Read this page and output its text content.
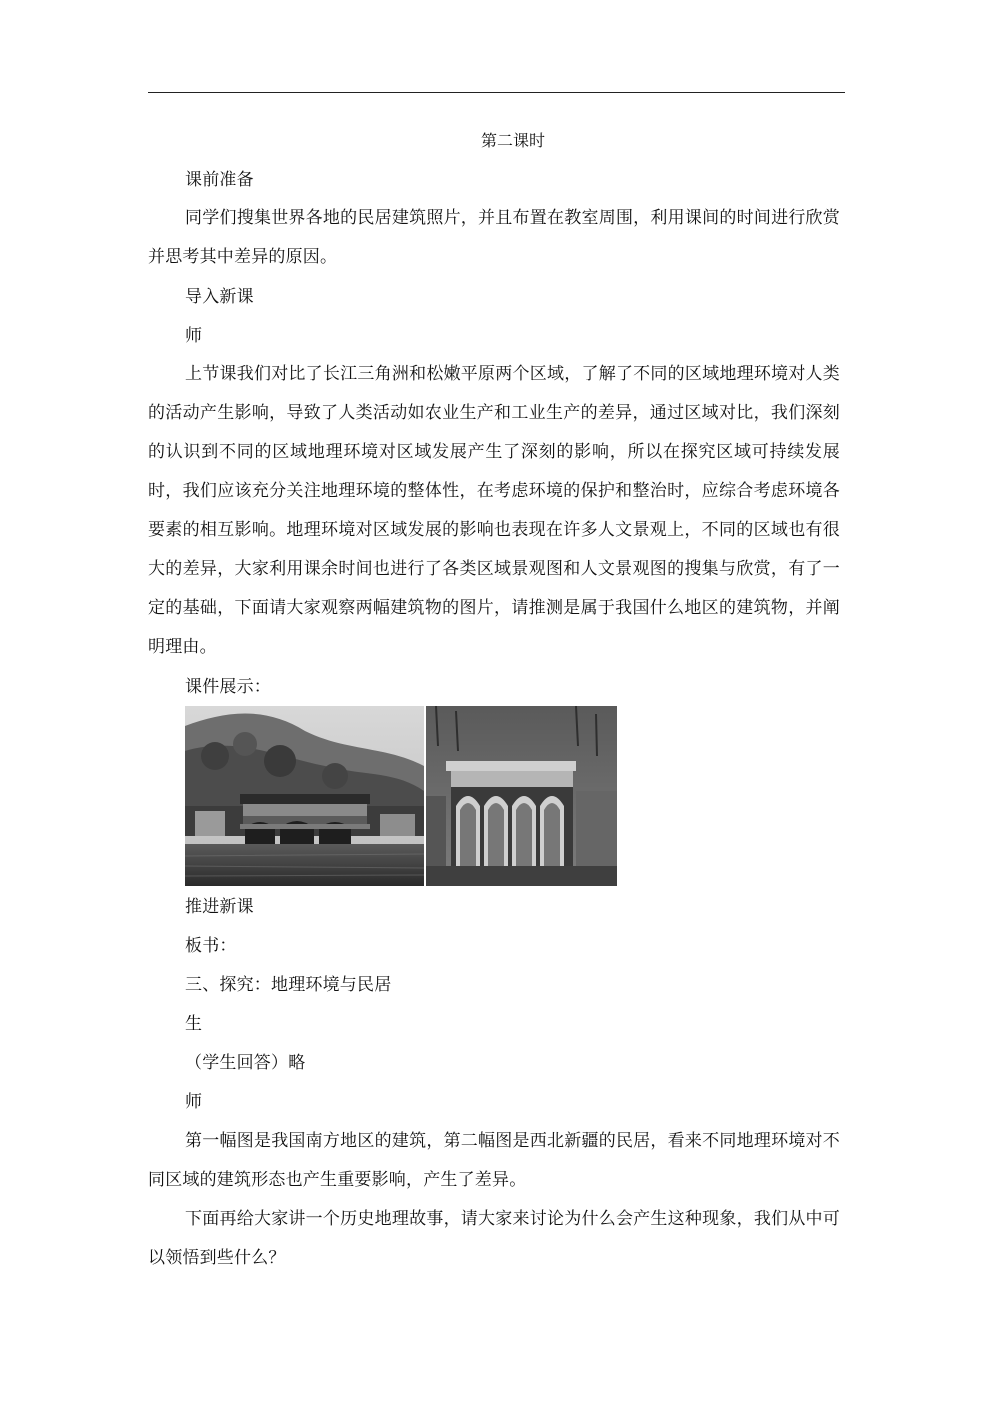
第二课时

课前准备

同学们搜集世界各地的民居建筑照片，并且布置在教室周围，利用课间的时间进行欣赏并思考其中差异的原因。

导入新课

师

上节课我们对比了长江三角洲和松嫩平原两个区域，了解了不同的区域地理环境对人类的活动产生影响，导致了人类活动如农业生产和工业生产的差异，通过区域对比，我们深刻的认识到不同的区域地理环境对区域发展产生了深刻的影响，所以在探究区域可持续发展时，我们应该充分关注地理环境的整体性，在考虑环境的保护和整治时，应综合考虑环境各要素的相互影响。地理环境对区域发展的影响也表现在许多人文景观上，不同的区域也有很大的差异，大家利用课余时间也进行了各类区域景观图和人文景观图的搜集与欣赏，有了一定的基础，下面请大家观察两幅建筑物的图片，请推测是属于我国什么地区的建筑物，并阐明理由。

课件展示：

推进新课

板书：

三、探究：地理环境与民居

生

（学生回答）略

师

第一幅图是我国南方地区的建筑，第二幅图是西北新疆的民居，看来不同地理环境对不同区域的建筑形态也产生重要影响，产生了差异。

下面再给大家讲一个历史地理故事，请大家来讨论为什么会产生这种现象，我们从中可以领悟到些什么？
